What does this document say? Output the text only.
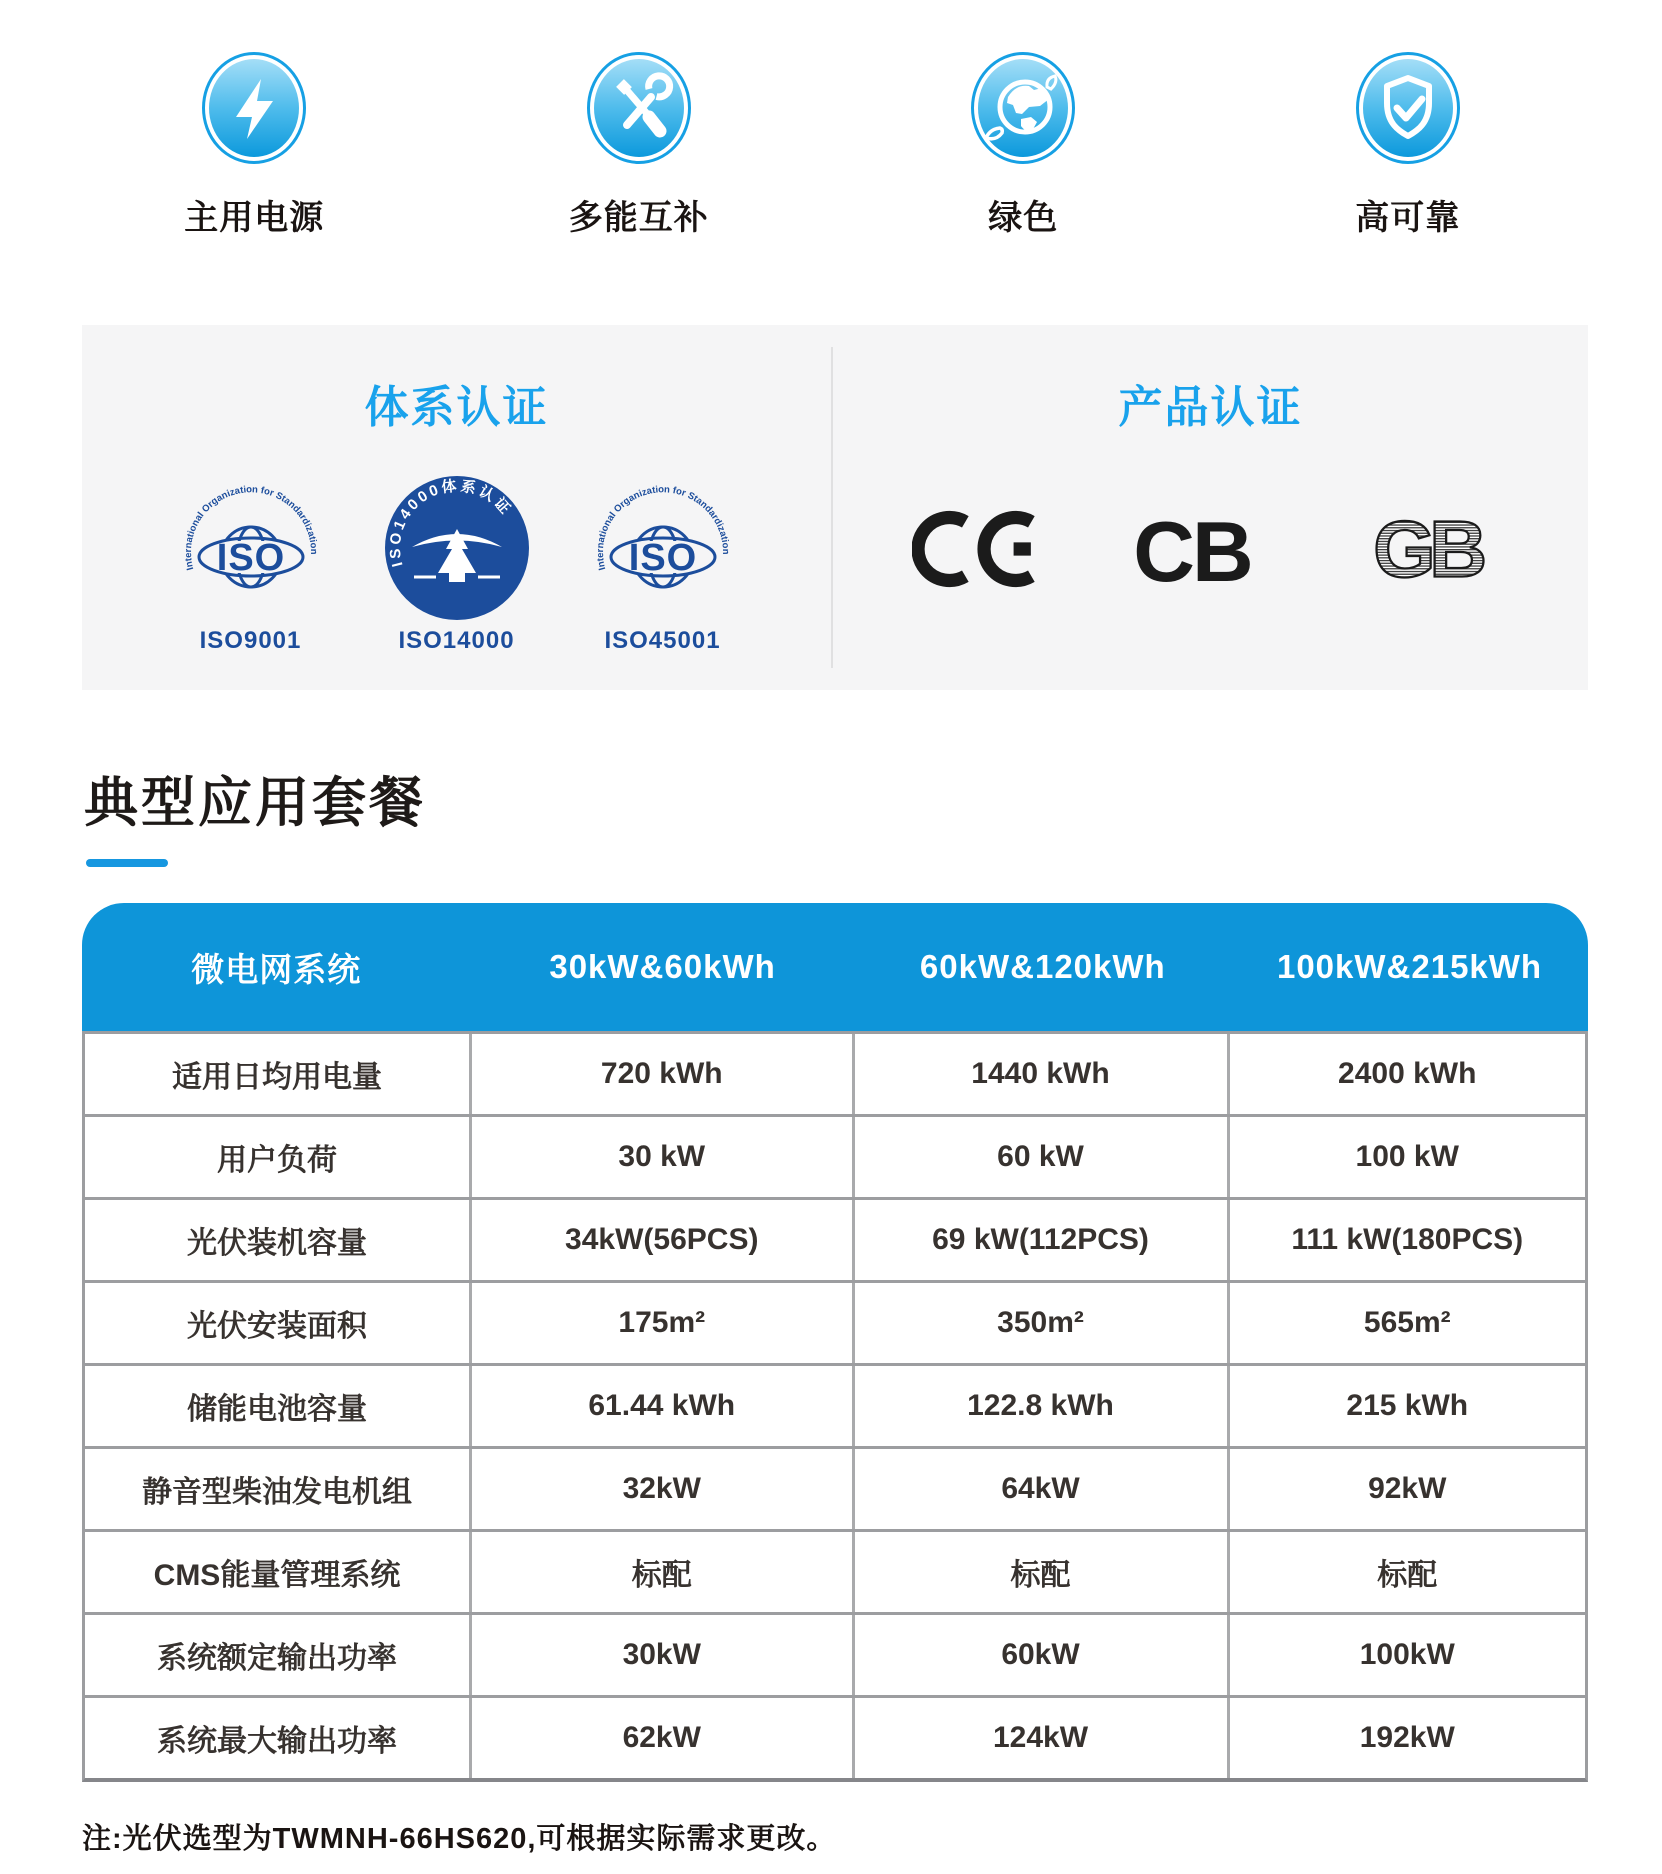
主用电源	多能互补	绿色	高可靠
体系认证
International Organization for Standardization
ISO
ISO9001
ISO14000体系认证
ISO14000
International Organization for Standardization
ISO
ISO45001
产品认证
CB GB
典型应用套餐
微电网系统	30kW&60kWh	60kW&120kWh	100kW&215kWh
适用日均用电量	720 kWh	1440 kWh	2400 kWh
用户负荷	30 kW	60 kW	100 kW
光伏装机容量	34kW(56PCS)	69 kW(112PCS)	111 kW(180PCS)
光伏安装面积	175m²	350m²	565m²
储能电池容量	61.44 kWh	122.8 kWh	215 kWh
静音型柴油发电机组	32kW	64kW	92kW
CMS能量管理系统	标配	标配	标配
系统额定输出功率	30kW	60kW	100kW
系统最大输出功率	62kW	124kW	192kW

注:光伏选型为TWMNH-66HS620,可根据实际需求更改。
